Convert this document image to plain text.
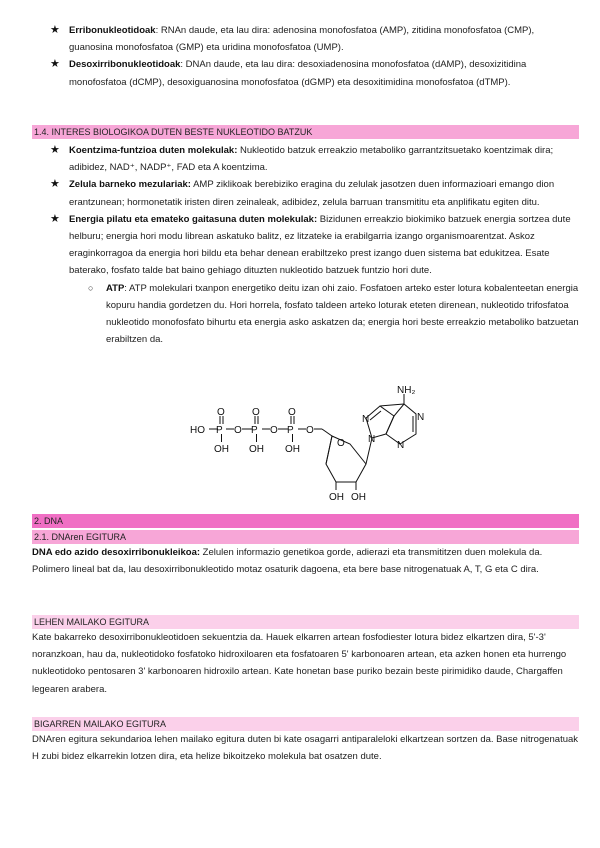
★ Erribonukleotidoak: RNAn daude, eta lau dira: adenosina monofosfatoa (AMP), zitidina monofosfatoa (CMP), guanosina monofosfatoa (GMP) eta uridina monofosfatoa (UMP).
★ Desoxirribonukleotidoak: DNAn daude, eta lau dira: desoxiadenosina monofosfatoa (dAMP), desoxizitidina monofosfatoa (dCMP), desoxiguanosina monofosfatoa (dGMP) eta desoxitimidina monofosfatoa (dTMP).
1.4. INTERES BIOLOGIKOA DUTEN BESTE NUKLEOTIDO BATZUK
★ Koentzima-funtzioa duten molekulak: Nukleotido batzuk erreakzio metaboliko garrantzitsuetako koentzimak dira; adibidez, NAD⁺, NADP⁺, FAD eta A koentzima.
★ Zelula barneko mezulariak: AMP ziklikoak berebiziko eragina du zelulak jasotzen duen informazioari emango dion erantzunean; hormonetatik iristen diren zeinaleak, adibidez, zelula barruan transmititu eta anplifikatu egiten ditu.
★ Energia pilatu eta emateko gaitasuna duten molekulak: Bizidunen erreakzio biokimiko batzuek energia sortzea dute helburu; energia hori modu librean askatuko balitz, ez litzateke ia erabilgarria izango organismoarentzat. Askoz eraginkorragoa da energia hori bildu eta behar denean erabiltzeko prest izango duen sistema bat edukitzea. Esate baterako, fosfato talde bat baino gehiago dituzten nukleotido batzuek funtzio hori dute.
○ ATP: ATP molekulari txanpon energetiko deitu izan ohi zaio. Fosfatoen arteko ester lotura kobalenteetan energia kopuru handia gordetzen du. Hori horrela, fosfato taldeen arteko loturak eteten direnean, nukleotido trifosfatoa nukleotido monofosfato bihurtu eta energia asko askatzen da; energia hori beste erreakzio metaboliko batzuetan erabiltzen da.
HO P
O
O P
O
O P
O
O
OH OH OH
O
OH OH
N
N
N
N
NH₂
2. DNA
2.1. DNAren EGITURA

DNA edo azido desoxirribonukleikoa: Zelulen informazio genetikoa gorde, adierazi eta transmititzen duen molekula da. Polimero lineal bat da, lau desoxirribonukleotido motaz osaturik dagoena, eta bere base nitrogenatuak A, T, G eta C dira.

LEHEN MAILAKO EGITURA

Kate bakarreko desoxirribonukleotidoen sekuentzia da. Hauek elkarren artean fosfodiester lotura bidez elkartzen dira, 5'-3' noranzkoan, hau da, nukleotidoko fosfatoko hidroxiloaren eta fosfatoaren 5' karbonoaren artean, eta azken honen eta hurrengo nukleotidoko pentosaren 3' karbonoaren hidroxilo artean. Kate honetan base puriko bezain beste pirimidiko daude, Chargaffen legearen arabera.

BIGARREN MAILAKO EGITURA

DNAren egitura sekundarioa lehen mailako egitura duten bi kate osagarri antiparaleloki elkartzean sortzen da. Base nitrogenatuak H zubi bidez elkarrekin lotzen dira, eta helize bikoitzeko molekula bat osatzen dute.
